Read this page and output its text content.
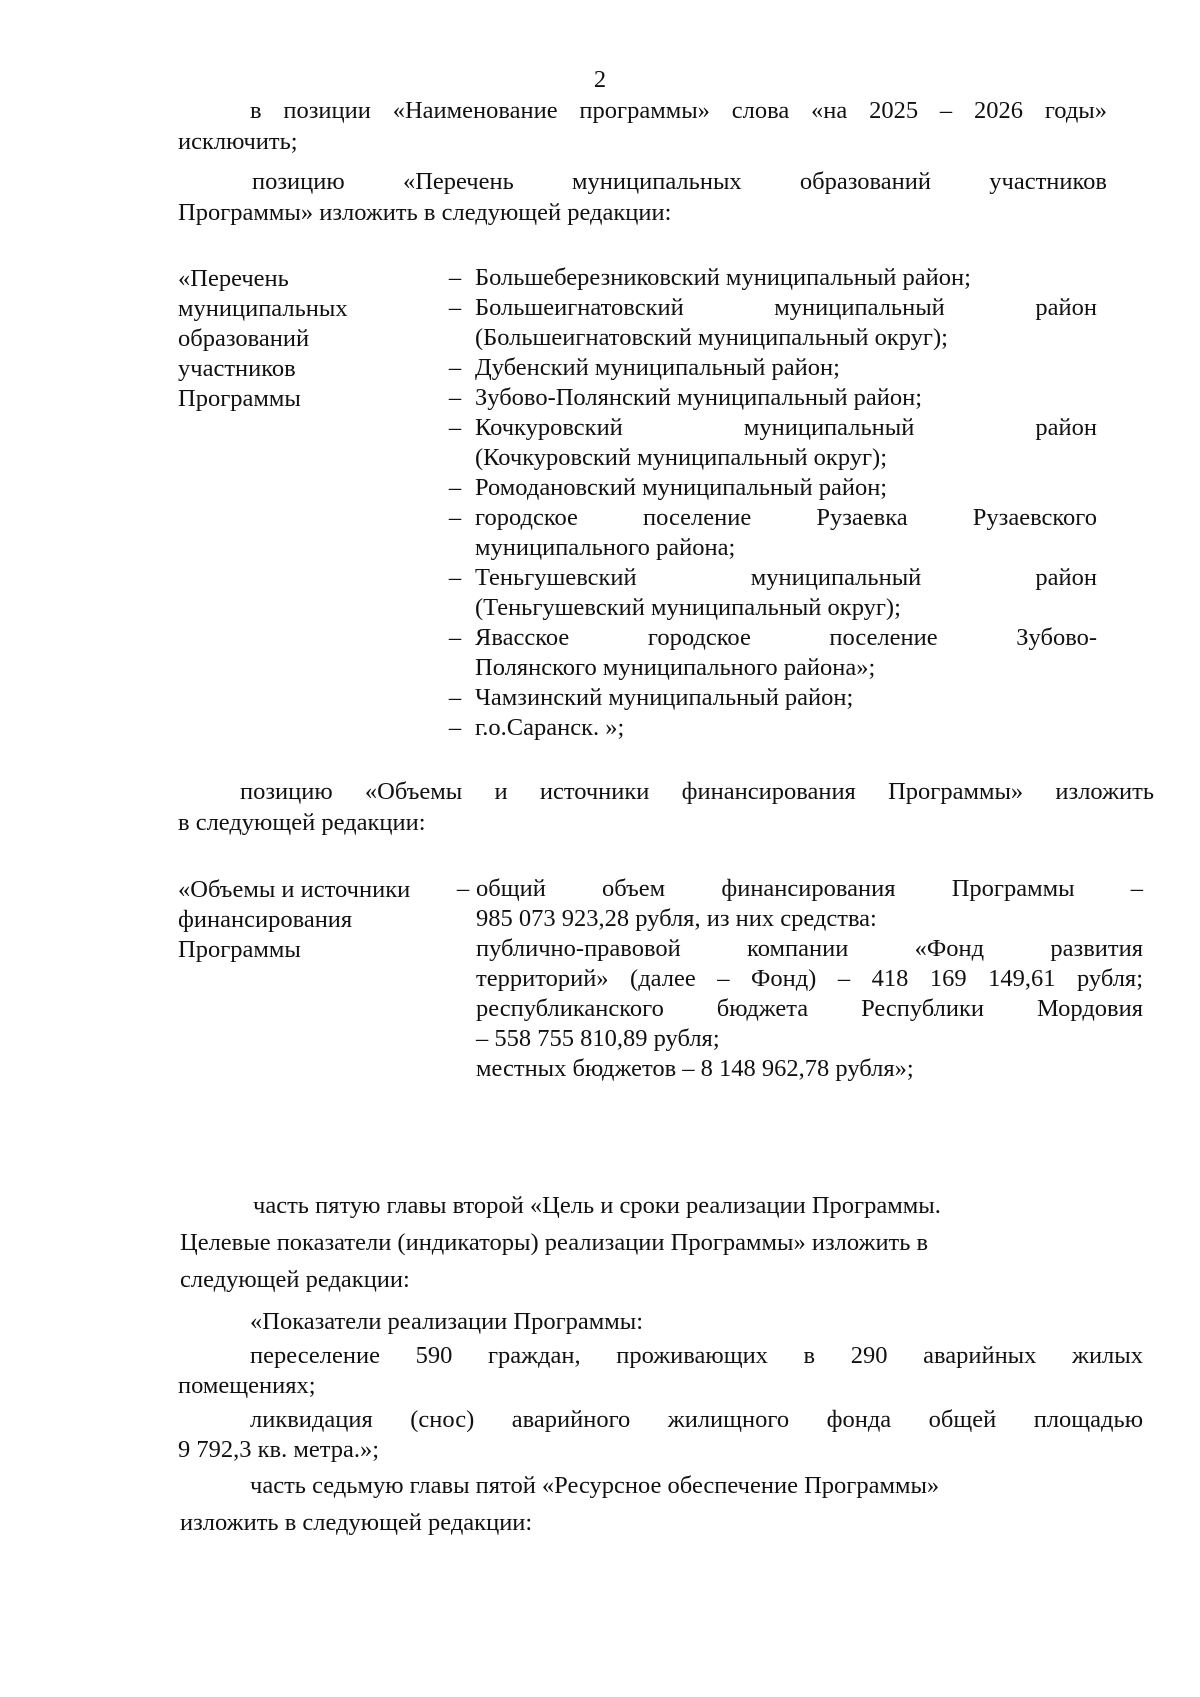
2
в позиции «Наименование программы» слова «на 2025 – 2026 годы»
исключить;
позицию «Перечень муниципальных образований участников
Программы» изложить в следующей редакции:
«Перечень
муниципальных
образований
участников
Программы
– Большеберезниковский муниципальный район;
– Большеигнатовский муниципальный район
(Большеигнатовский муниципальный округ);
– Дубенский муниципальный район;
– Зубово-Полянский муниципальный район;
– Кочкуровский муниципальный район
(Кочкуровский муниципальный округ);
– Ромодановский муниципальный район;
– городское поселение Рузаевка Рузаевского
муниципального района;
– Теньгушевский муниципальный район
(Теньгушевский муниципальный округ);
– Явасское городское поселение Зубово-
Полянского муниципального района»;
– Чамзинский муниципальный район;
– г.о.Саранск. »;
позицию «Объемы и источники финансирования Программы» изложить
в следующей редакции:
«Объемы и источники
финансирования
Программы
– общий объем финансирования Программы –
985 073 923,28 рубля, из них средства:
публично-правовой компании «Фонд развития
территорий» (далее – Фонд) – 418 169 149,61 рубля;
республиканского бюджета Республики Мордовия
– 558 755 810,89 рубля;
местных бюджетов – 8 148 962,78 рубля»;
часть пятую главы второй «Цель и сроки реализации Программы.
Целевые показатели (индикаторы) реализации Программы» изложить в
следующей редакции:
«Показатели реализации Программы:
переселение 590 граждан, проживающих в 290 аварийных жилых
помещениях;
ликвидация (снос) аварийного жилищного фонда общей площадью
9 792,3 кв. метра.»;
часть седьмую главы пятой «Ресурсное обеспечение Программы»
изложить в следующей редакции:
